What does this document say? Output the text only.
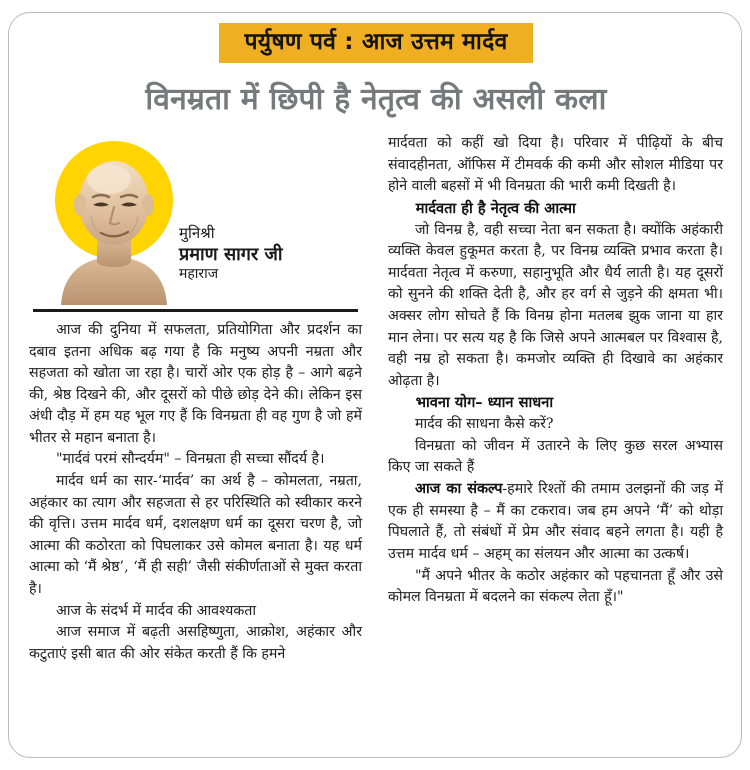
पर्युषण पर्व : आज उत्तम मार्दव
विनम्रता में छिपी है नेतृत्व की असली कला
मुनिश्री
प्रमाण सागर जी
महाराज

आज की दुनिया में सफलता, प्रतियोगिता और प्रदर्शन का दबाव इतना अधिक बढ़ गया है कि मनुष्य अपनी नम्रता और सहजता को खोता जा रहा है। चारों ओर एक होड़ है – आगे बढ़ने की, श्रेष्ठ दिखने की, और दूसरों को पीछे छोड़ देने की। लेकिन इस अंधी दौड़ में हम यह भूल गए हैं कि विनम्रता ही वह गुण है जो हमें भीतर से महान बनाता है।

"मार्दवं परमं सौन्दर्यम" – विनम्रता ही सच्चा सौंदर्य है।

मार्दव धर्म का सार-‘मार्दव’ का अर्थ है – कोमलता, नम्रता, अहंकार का त्याग और सहजता से हर परिस्थिति को स्वीकार करने की वृत्ति। उत्तम मार्दव धर्म, दशलक्षण धर्म का दूसरा चरण है, जो आत्मा की कठोरता को पिघलाकर उसे कोमल बनाता है। यह धर्म आत्मा को ‘मैं श्रेष्ठ’, ‘मैं ही सही’ जैसी संकीर्णताओं से मुक्त करता है।

आज के संदर्भ में मार्दव की आवश्यकता

आज समाज में बढ़ती असहिष्णुता, आक्रोश, अहंकार और कटुताएं इसी बात की ओर संकेत करती हैं कि हमने

मार्दवता को कहीं खो दिया है। परिवार में पीढ़ियों के बीच संवादहीनता, ऑफिस में टीमवर्क की कमी और सोशल मीडिया पर होने वाली बहसों में भी विनम्रता की भारी कमी दिखती है।

मार्दवता ही है नेतृत्व की आत्मा

जो विनम्र है, वही सच्चा नेता बन सकता है। क्योंकि अहंकारी व्यक्ति केवल हुकूमत करता है, पर विनम्र व्यक्ति प्रभाव करता है। मार्दवता नेतृत्व में करुणा, सहानुभूति और धैर्य लाती है। यह दूसरों को सुनने की शक्ति देती है, और हर वर्ग से जुड़ने की क्षमता भी। अक्सर लोग सोचते हैं कि विनम्र होना मतलब झुक जाना या हार मान लेना। पर सत्य यह है कि जिसे अपने आत्मबल पर विश्वास है, वही नम्र हो सकता है। कमजोर व्यक्ति ही दिखावे का अहंकार ओढ़ता है।

भावना योग– ध्यान साधना

मार्दव की साधना कैसे करें?

विनम्रता को जीवन में उतारने के लिए कुछ सरल अभ्यास किए जा सकते हैं

आज का संकल्प-हमारे रिश्तों की तमाम उलझनों की जड़ में एक ही समस्या है – मैं का टकराव। जब हम अपने ‘मैं’ को थोड़ा पिघलाते हैं, तो संबंधों में प्रेम और संवाद बहने लगता है। यही है उत्तम मार्दव धर्म – अहम् का संलयन और आत्मा का उत्कर्ष।

"मैं अपने भीतर के कठोर अहंकार को पहचानता हूँ और उसे कोमल विनम्रता में बदलने का संकल्प लेता हूँ।"
